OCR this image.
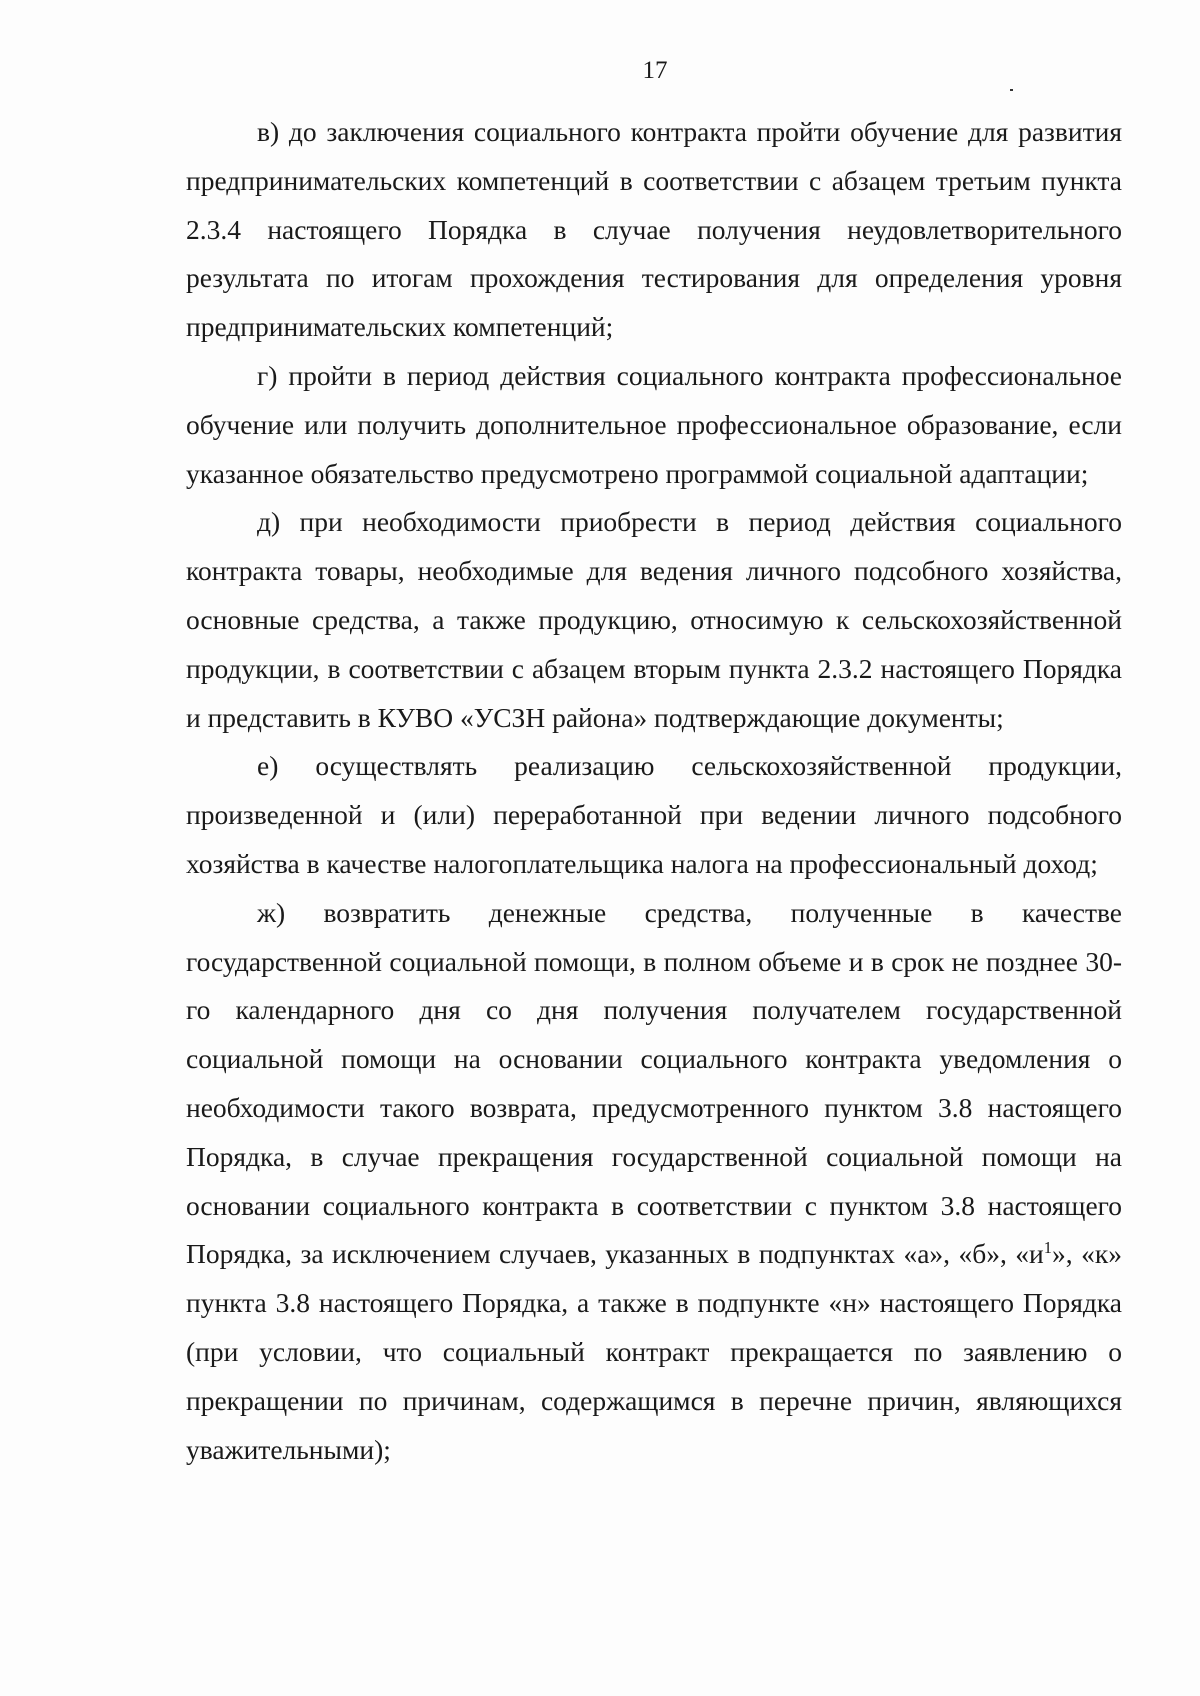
17

в) до заключения социального контракта пройти обучение для развития предпринимательских компетенций в соответствии с абзацем третьим пункта 2.3.4 настоящего Порядка в случае получения неудовлетворительного результата по итогам прохождения тестирования для определения уровня предпринимательских компетенций;

г) пройти в период действия социального контракта профессиональное обучение или получить дополнительное профессиональное образование, если указанное обязательство предусмотрено программой социальной адаптации;

д) при необходимости приобрести в период действия социального контракта товары, необходимые для ведения личного подсобного хозяйства, основные средства, а также продукцию, относимую к сельскохозяйственной продукции, в соответствии с абзацем вторым пункта 2.3.2 настоящего Порядка и представить в КУВО «УСЗН района» подтверждающие документы;

е) осуществлять реализацию сельскохозяйственной продукции, произведенной и (или) переработанной при ведении личного подсобного хозяйства в качестве налогоплательщика налога на профессиональный доход;

ж) возвратить денежные средства, полученные в качестве государственной социальной помощи, в полном объеме и в срок не позднее 30-го календарного дня со дня получения получателем государственной социальной помощи на основании социального контракта уведомления о необходимости такого возврата, предусмотренного пунктом 3.8 настоящего Порядка, в случае прекращения государственной социальной помощи на основании социального контракта в соответствии с пунктом 3.8 настоящего Порядка, за исключением случаев, указанных в подпунктах «а», «б», «$и^1$», «к» пункта 3.8 настоящего Порядка, а также в подпункте «н» настоящего Порядка (при условии, что социальный контракт прекращается по заявлению о прекращении по причинам, содержащимся в перечне причин, являющихся уважительными);
